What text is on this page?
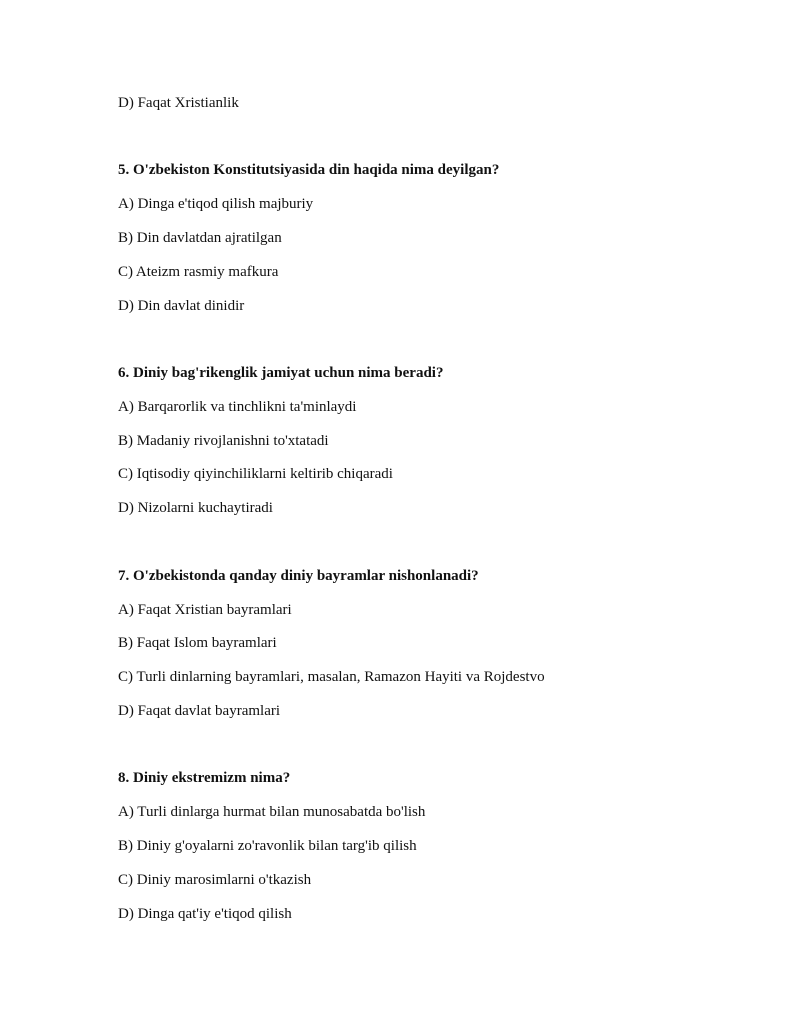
D) Faqat Xristianlik
5. O'zbekiston Konstitutsiyasida din haqida nima deyilgan?
A) Dinga e'tiqod qilish majburiy
B) Din davlatdan ajratilgan
C) Ateizm rasmiy mafkura
D) Din davlat dinidir
6. Diniy bag'rikenglik jamiyat uchun nima beradi?
A) Barqarorlik va tinchlikni ta'minlaydi
B) Madaniy rivojlanishni to'xtatadi
C) Iqtisodiy qiyinchiliklarni keltirib chiqaradi
D) Nizolarni kuchaytiradi
7. O'zbekistonda qanday diniy bayramlar nishonlanadi?
A) Faqat Xristian bayramlari
B) Faqat Islom bayramlari
C) Turli dinlarning bayramlari, masalan, Ramazon Hayiti va Rojdestvo
D) Faqat davlat bayramlari
8. Diniy ekstremizm nima?
A) Turli dinlarga hurmat bilan munosabatda bo'lish
B) Diniy g'oyalarni zo'ravonlik bilan targ'ib qilish
C) Diniy marosimlarni o'tkazish
D) Dinga qat'iy e'tiqod qilish
